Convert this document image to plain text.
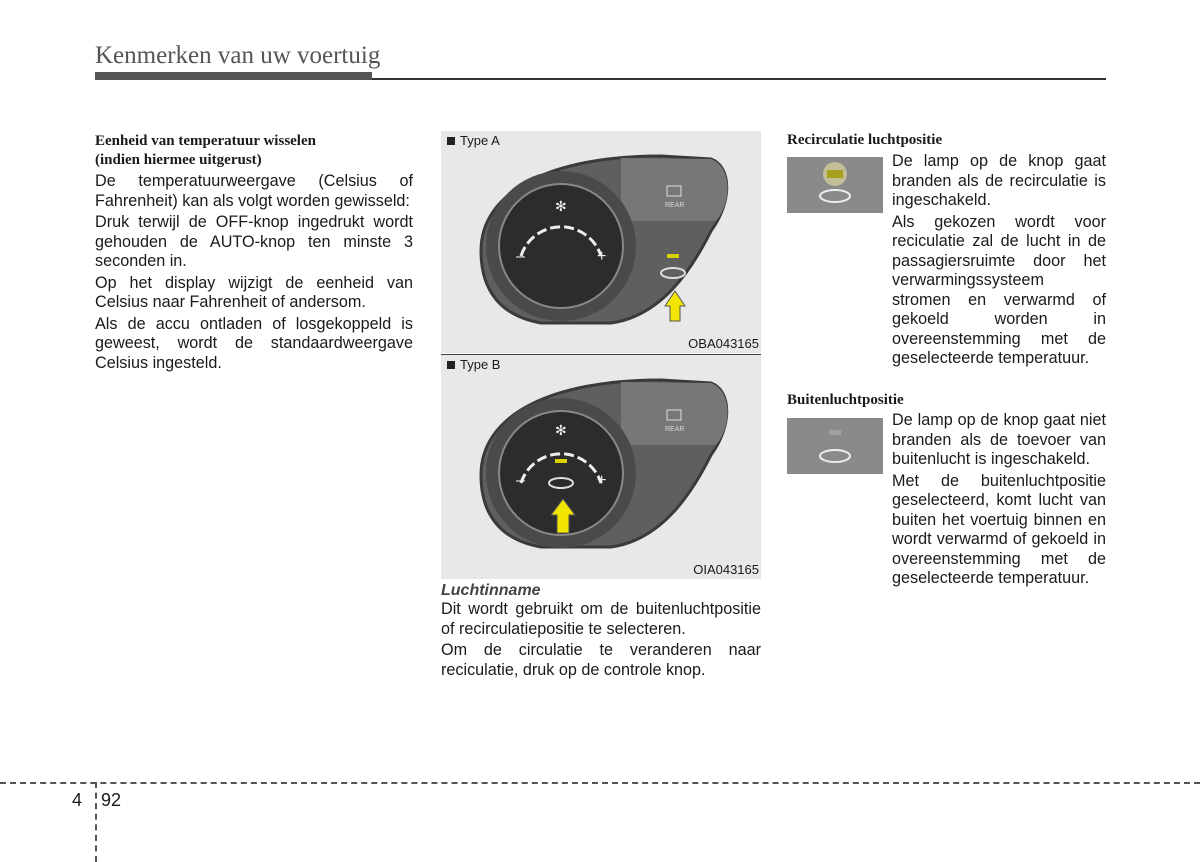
Kenmerken van uw voertuig
Eenheid van temperatuur wisselen
(indien hiermee uitgerust)

De temperatuurweergave (Celsius of Fahrenheit) kan als volgt worden gewisseld:

Druk terwijl de OFF-knop ingedrukt wordt gehouden de AUTO-knop ten minste 3 seconden in.

Op het display wijzigt de eenheid van Celsius naar Fahrenheit of andersom.

Als de accu ontladen of losgekoppeld is geweest, wordt de standaardweergave Celsius ingesteld.

–	+
✻	REAR
Type A
OBA043165
–	+
✻	REAR
Type B
OIA043165
Luchtinname

Dit wordt gebruikt om de buitenluchtpositie of recirculatiepositie te selecteren.

Om de circulatie te veranderen naar reciculatie, druk op de controle knop.

Recirculatie luchtpositie

De lamp op de knop gaat branden als de recirculatie is ingeschakeld.

Als gekozen wordt voor reciculatie zal de lucht in de passagiersruimte door het verwarmingssysteem stromen en verwarmd of gekoeld worden in overeenstemming met de geselecteerde temperatuur.

Buitenluchtpositie

De lamp op de knop gaat niet branden als de toevoer van buitenlucht is ingeschakeld.

Met de buitenluchtpositie geselecteerd, komt lucht van buiten het voertuig binnen en wordt verwarmd of gekoeld in overeenstemming met de geselecteerde temperatuur.

4 92
